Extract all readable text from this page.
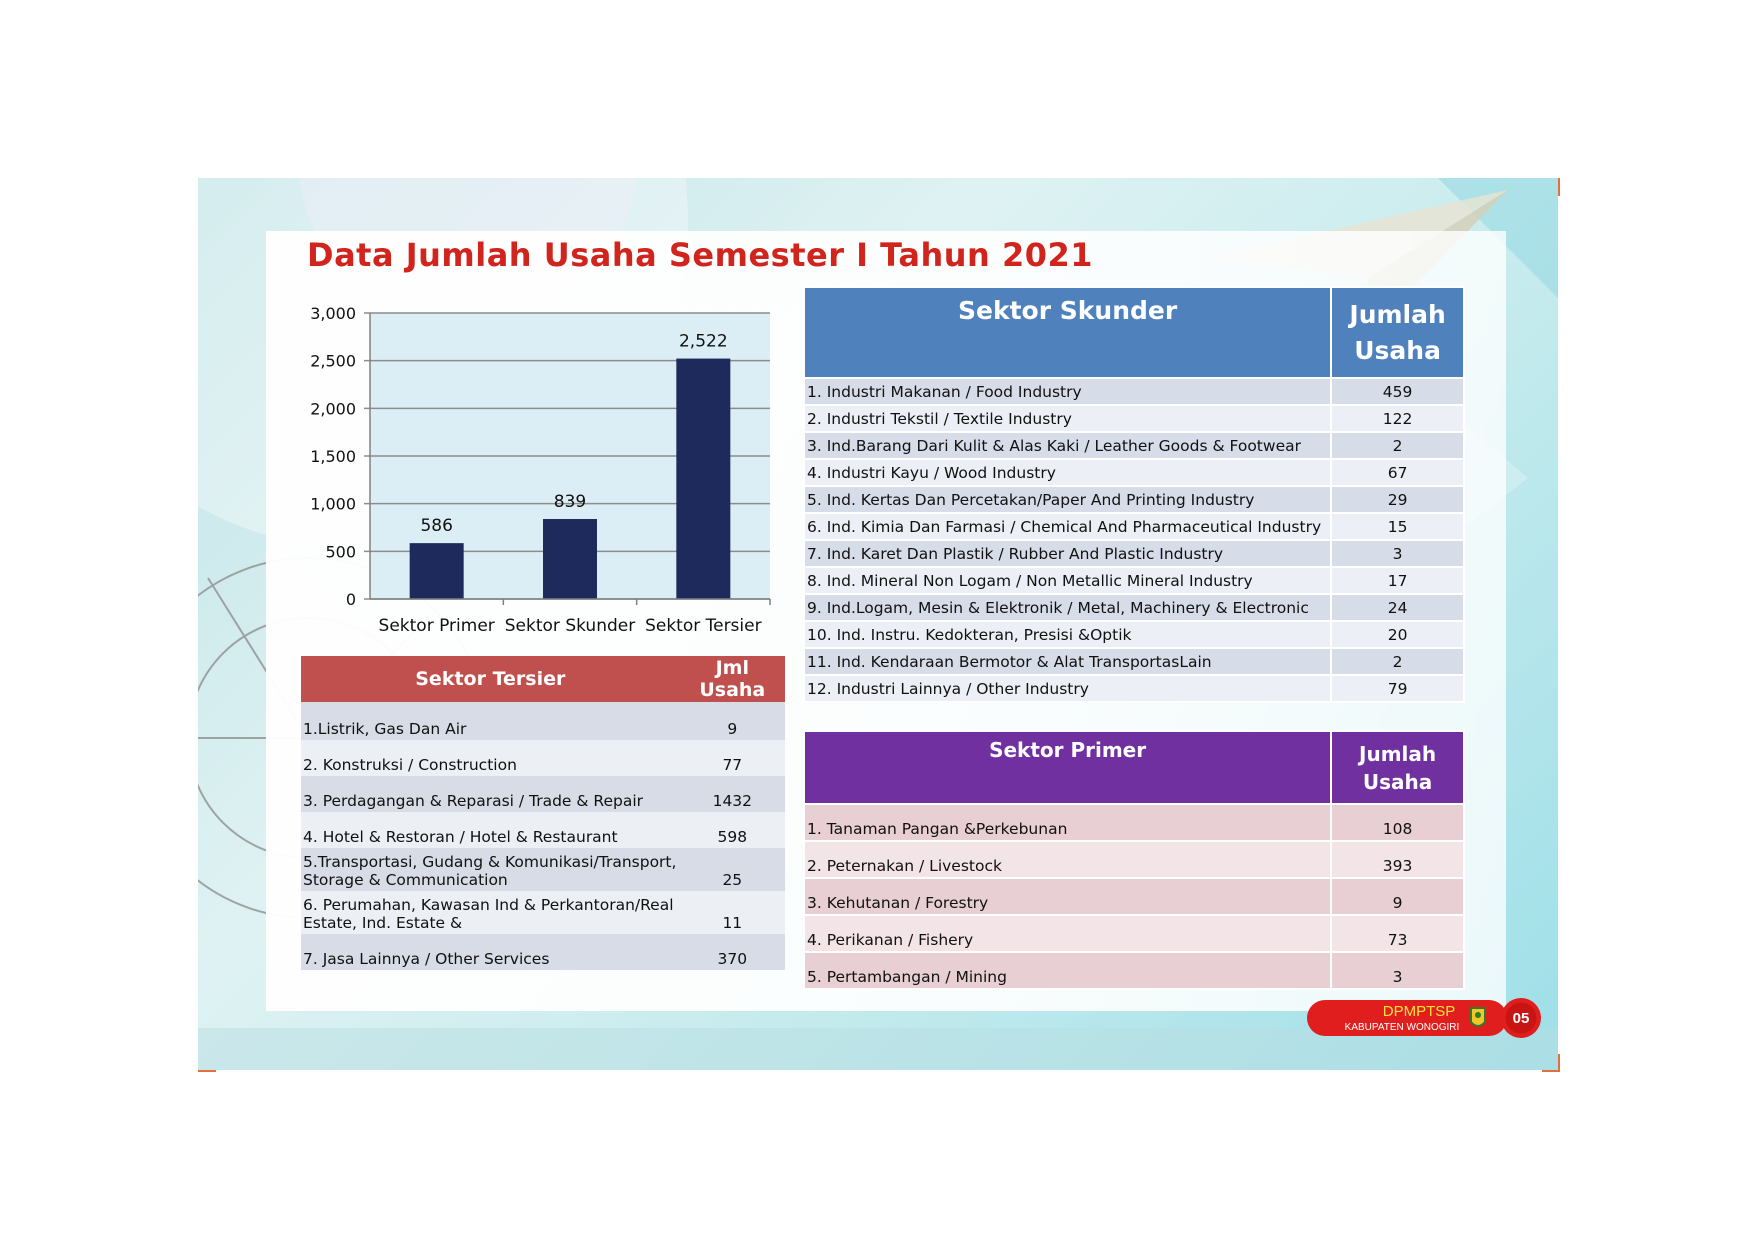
Data Jumlah Usaha Semester I Tahun 2021
0
500
1,000
1,500
2,000
2,500
3,000
Sektor Primer Sektor Skunder Sektor Tersier
586
839
2,522
Sektor Skunder	Jumlah Usaha
1. Industri Makanan / Food Industry	459
2. Industri Tekstil / Textile Industry	122
3. Ind.Barang Dari Kulit & Alas Kaki / Leather Goods & Footwear	2
4. Industri Kayu / Wood Industry	67
5. Ind. Kertas Dan Percetakan/Paper And Printing Industry	29
6. Ind. Kimia Dan Farmasi / Chemical And Pharmaceutical Industry	15
7. Ind. Karet Dan Plastik / Rubber And Plastic Industry	3
8. Ind. Mineral Non Logam / Non Metallic Mineral Industry	17
9. Ind.Logam, Mesin & Elektronik / Metal, Machinery & Electronic	24
10. Ind. Instru. Kedokteran, Presisi &Optik	20
11. Ind. Kendaraan Bermotor & Alat TransportasLain	2
12. Industri Lainnya / Other Industry	79
Sektor Primer	Jumlah Usaha
1. Tanaman Pangan &Perkebunan	108
2. Peternakan / Livestock	393
3. Kehutanan / Forestry	9
4. Perikanan / Fishery	73
5. Pertambangan / Mining	3
Sektor Tersier	Jml Usaha
1.Listrik, Gas Dan Air	9
2. Konstruksi / Construction	77
3. Perdagangan & Reparasi / Trade & Repair	1432
4. Hotel & Restoran / Hotel & Restaurant	598
5.Transportasi, Gudang & Komunikasi/Transport, Storage & Communication	25
6. Perumahan, Kawasan Ind & Perkantoran/Real Estate, Ind. Estate &	11
7. Jasa Lainnya / Other Services	370
DPMPTSP
KABUPATEN WONOGIRI
05
